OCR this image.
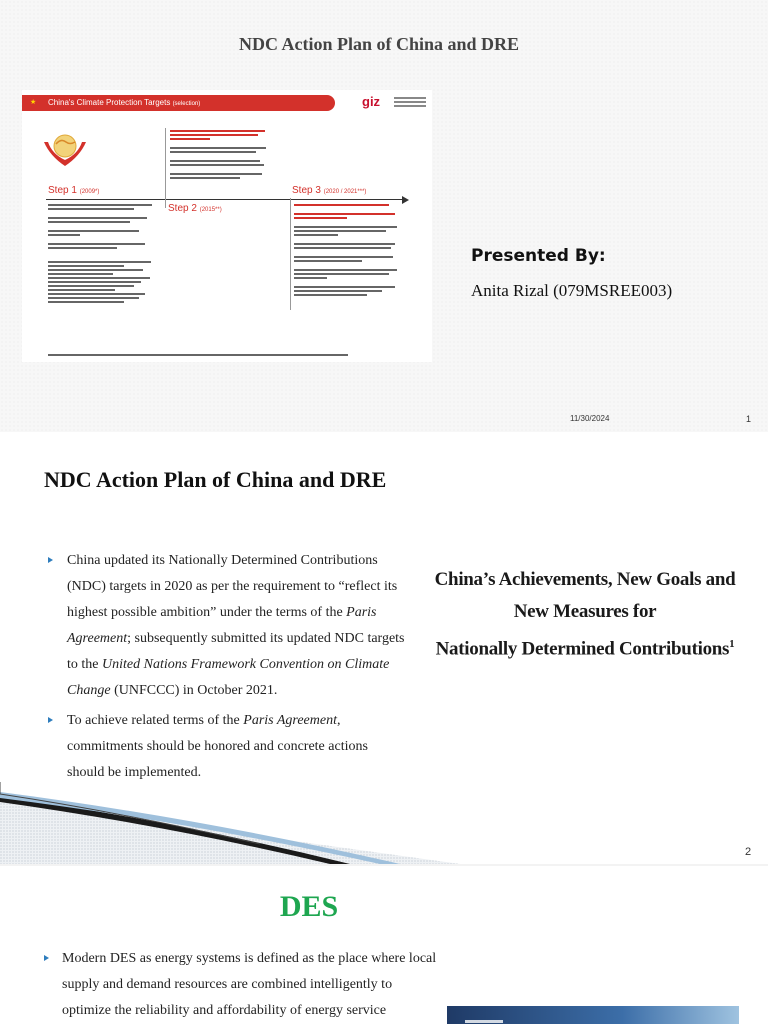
NDC Action Plan of China and DRE
★ China's Climate Protection Targets (selection)	giz
Step 1 (2009*)
Step 2 (2015**)
Step 3 (2020 / 2021***)
Presented By:
Anita Rizal (079MSREE003)
11/30/2024	1
NDC Action Plan of China and DRE
China updated its Nationally Determined Contributions (NDC) targets in 2020 as per the requirement to “reflect its highest possible ambition” under the terms of the Paris Agreement; subsequently submitted its updated NDC targets to the United Nations Framework Convention on Climate Change (UNFCCC) in October 2021.
To achieve related terms of the Paris Agreement, commitments should be honored and concrete actions should be implemented.
China’s Achievements, New Goals and
New Measures for
Nationally Determined Contributions$^1$
2
DES
Modern DES as energy systems is defined as the place where local supply and demand resources are combined intelligently to optimize the reliability and affordability of energy service
